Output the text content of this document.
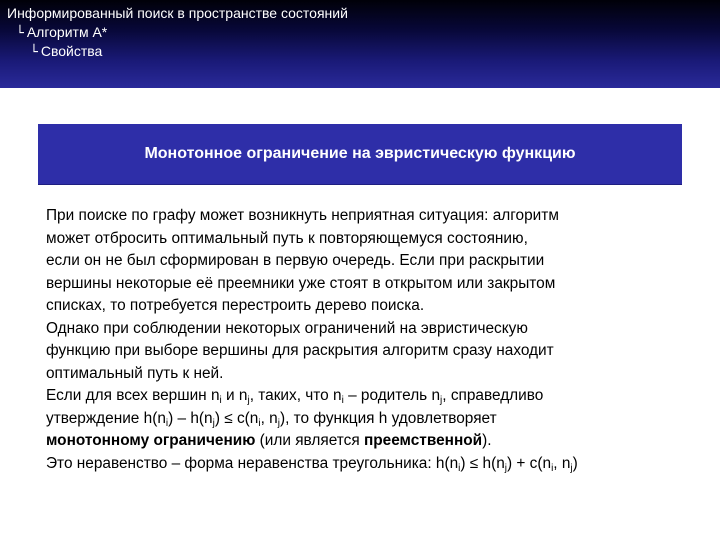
Информированный поиск в пространстве состояний
└ Алгоритм A*
└ Свойства
Монотонное ограничение на эвристическую функцию

При поиске по графу может возникнуть неприятная ситуация: алгоритм
может отбросить оптимальный путь к повторяющемуся состоянию,
если он не был сформирован в первую очередь. Если при раскрытии
вершины некоторые её преемники уже стоят в открытом или закрытом
списках, то потребуется перестроить дерево поиска.

Однако при соблюдении некоторых ограничений на эвристическую
функцию при выборе вершины для раскрытия алгоритм сразу находит
оптимальный путь к ней.

Если для всех вершин $n_i$ и $n_j$, таких, что $n_i$ – родитель $n_j$, справедливо
утверждение $h(n_i) - h(n_j) \le c(n_i$, $n_j$), то функция h удовлетворяет
монотонному ограничению (или является преемственной).

Это неравенство – форма неравенства треугольника: $h(n_i) \le h(n_j) + c(n_i$, $n_j$)
